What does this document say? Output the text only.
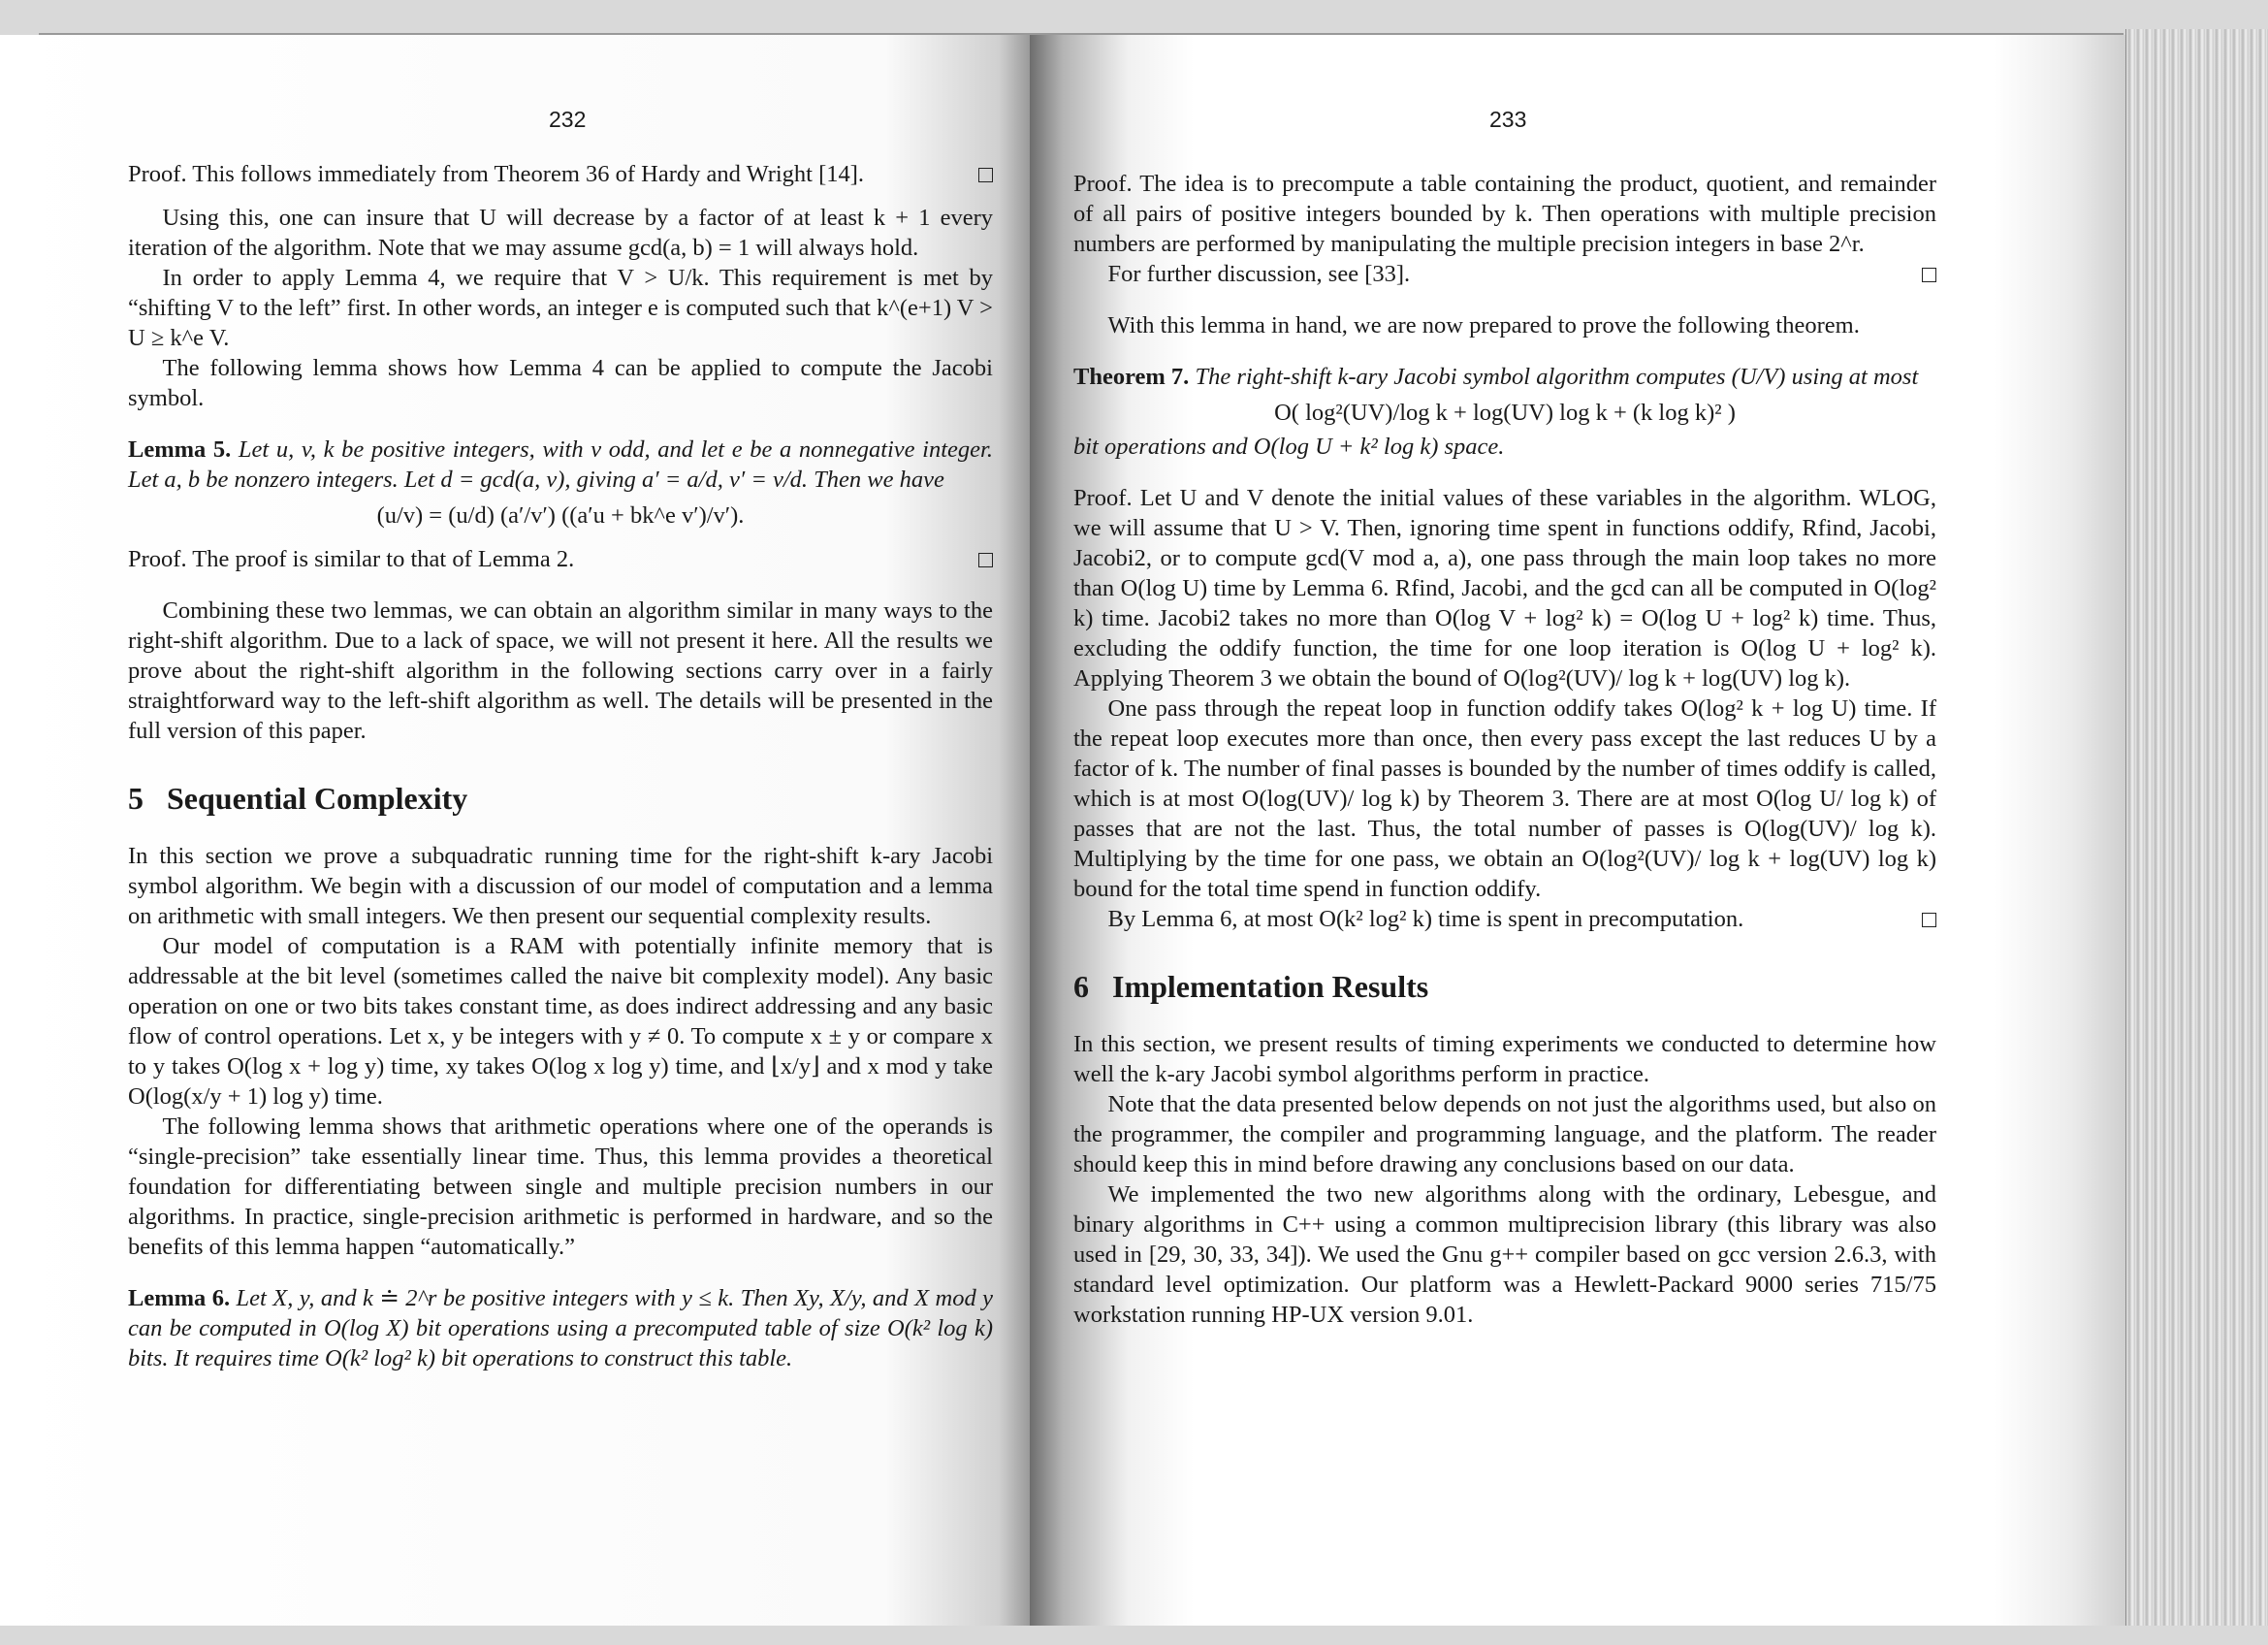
232

Proof. This follows immediately from Theorem 36 of Hardy and Wright [14].

Using this, one can insure that U will decrease by a factor of at least k + 1 every iteration of the algorithm. Note that we may assume gcd(a, b) = 1 will always hold.

In order to apply Lemma 4, we require that V > U/k. This requirement is met by “shifting V to the left” first. In other words, an integer e is computed such that k^(e+1) V > U ≥ k^e V.

The following lemma shows how Lemma 4 can be applied to compute the Jacobi symbol.

Lemma 5. Let u, v, k be positive integers, with v odd, and let e be a nonnegative integer. Let a, b be nonzero integers. Let d = gcd(a, v), giving a′ = a/d, v′ = v/d. Then we have

(u/v) = (u/d) (a′/v′) ((a′u + bk^e v′)/v′).

Proof. The proof is similar to that of Lemma 2.

Combining these two lemmas, we can obtain an algorithm similar in many ways to the right-shift algorithm. Due to a lack of space, we will not present it here. All the results we prove about the right-shift algorithm in the following sections carry over in a fairly straightforward way to the left-shift algorithm as well. The details will be presented in the full version of this paper.

5 Sequential Complexity

In this section we prove a subquadratic running time for the right-shift k-ary Jacobi symbol algorithm. We begin with a discussion of our model of computation and a lemma on arithmetic with small integers. We then present our sequential complexity results.

Our model of computation is a RAM with potentially infinite memory that is addressable at the bit level (sometimes called the naive bit complexity model). Any basic operation on one or two bits takes constant time, as does indirect addressing and any basic flow of control operations. Let x, y be integers with y ≠ 0. To compute x ± y or compare x to y takes O(log x + log y) time, xy takes O(log x log y) time, and ⌊x/y⌋ and x mod y take O(log(x/y + 1) log y) time.

The following lemma shows that arithmetic operations where one of the operands is “single-precision” take essentially linear time. Thus, this lemma provides a theoretical foundation for differentiating between single and multiple precision numbers in our algorithms. In practice, single-precision arithmetic is performed in hardware, and so the benefits of this lemma happen “automatically.”

Lemma 6. Let X, y, and k ≐ 2^r be positive integers with y ≤ k. Then Xy, X/y, and X mod y can be computed in O(log X) bit operations using a precomputed table of size O(k² log k) bits. It requires time O(k² log² k) bit operations to construct this table.

233

Proof. The idea is to precompute a table containing the product, quotient, and remainder of all pairs of positive integers bounded by k. Then operations with multiple precision numbers are performed by manipulating the multiple precision integers in base 2^r.

For further discussion, see [33].

With this lemma in hand, we are now prepared to prove the following theorem.

Theorem 7. The right-shift k-ary Jacobi symbol algorithm computes (U/V) using at most

O( log²(UV)/log k + log(UV) log k + (k log k)² )

bit operations and O(log U + k² log k) space.

Proof. Let U and V denote the initial values of these variables in the algorithm. WLOG, we will assume that U > V. Then, ignoring time spent in functions oddify, Rfind, Jacobi, Jacobi2, or to compute gcd(V mod a, a), one pass through the main loop takes no more than O(log U) time by Lemma 6. Rfind, Jacobi, and the gcd can all be computed in O(log² k) time. Jacobi2 takes no more than O(log V + log² k) = O(log U + log² k) time. Thus, excluding the oddify function, the time for one loop iteration is O(log U + log² k). Applying Theorem 3 we obtain the bound of O(log²(UV)/ log k + log(UV) log k).

One pass through the repeat loop in function oddify takes O(log² k + log U) time. If the repeat loop executes more than once, then every pass except the last reduces U by a factor of k. The number of final passes is bounded by the number of times oddify is called, which is at most O(log(UV)/ log k) by Theorem 3. There are at most O(log U/ log k) of passes that are not the last. Thus, the total number of passes is O(log(UV)/ log k). Multiplying by the time for one pass, we obtain an O(log²(UV)/ log k + log(UV) log k) bound for the total time spend in function oddify.

By Lemma 6, at most O(k² log² k) time is spent in precomputation.

6 Implementation Results

In this section, we present results of timing experiments we conducted to determine how well the k-ary Jacobi symbol algorithms perform in practice.

Note that the data presented below depends on not just the algorithms used, but also on the programmer, the compiler and programming language, and the platform. The reader should keep this in mind before drawing any conclusions based on our data.

We implemented the two new algorithms along with the ordinary, Lebesgue, and binary algorithms in C++ using a common multiprecision library (this library was also used in [29, 30, 33, 34]). We used the Gnu g++ compiler based on gcc version 2.6.3, with standard level optimization. Our platform was a Hewlett-Packard 9000 series 715/75 workstation running HP-UX version 9.01.
